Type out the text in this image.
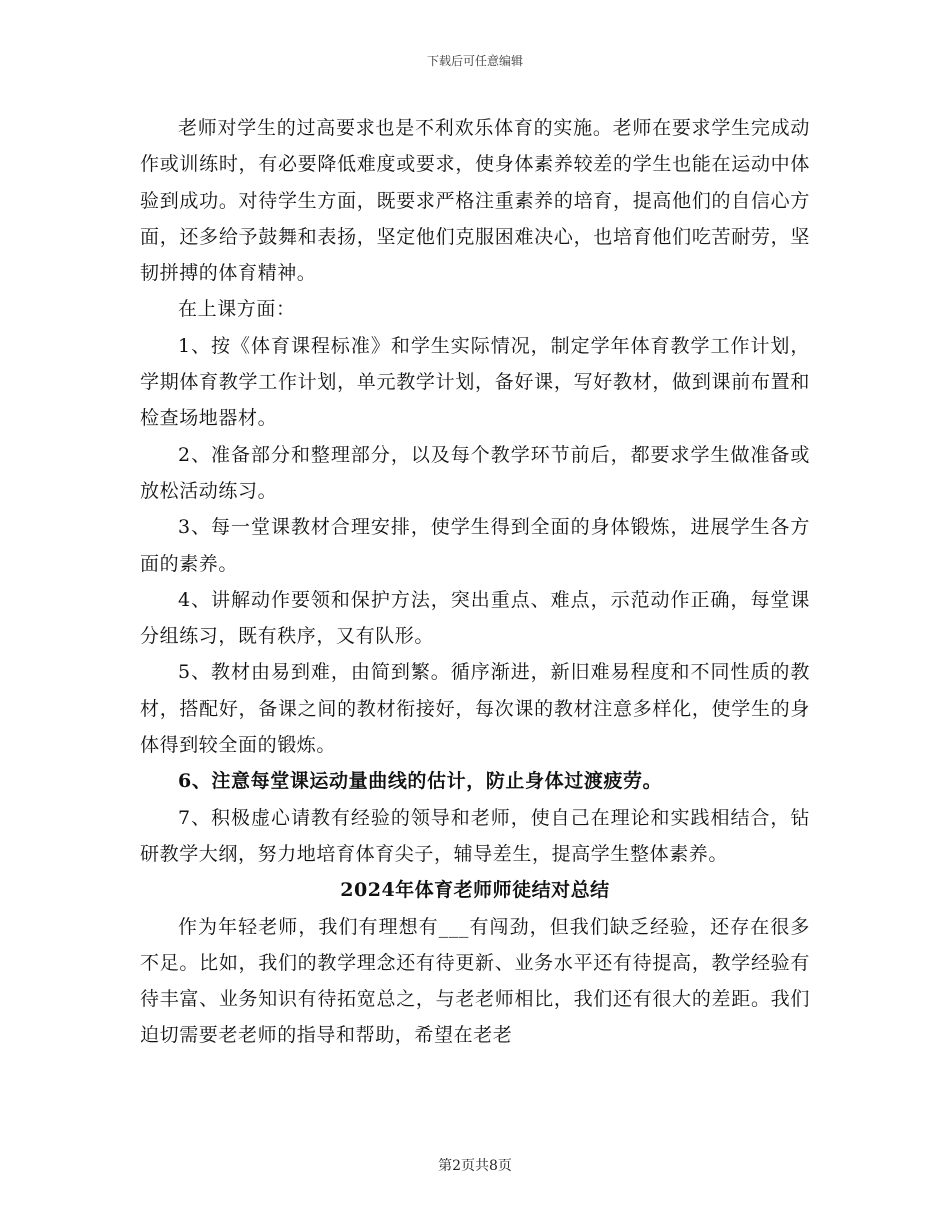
下载后可任意编辑

老师对学生的过高要求也是不利欢乐体育的实施。老师在要求学生完成动作或训练时，有必要降低难度或要求，使身体素养较差的学生也能在运动中体验到成功。对待学生方面，既要求严格注重素养的培育，提高他们的自信心方面，还多给予鼓舞和表扬，坚定他们克服困难决心，也培育他们吃苦耐劳，坚韧拼搏的体育精神。

在上课方面：

1、按《体育课程标准》和学生实际情况，制定学年体育教学工作计划，学期体育教学工作计划，单元教学计划，备好课，写好教材，做到课前布置和检查场地器材。

2、准备部分和整理部分，以及每个教学环节前后，都要求学生做准备或放松活动练习。

3、每一堂课教材合理安排，使学生得到全面的身体锻炼，进展学生各方面的素养。

4、讲解动作要领和保护方法，突出重点、难点，示范动作正确，每堂课分组练习，既有秩序，又有队形。

5、教材由易到难，由简到繁。循序渐进，新旧难易程度和不同性质的教材，搭配好，备课之间的教材衔接好，每次课的教材注意多样化，使学生的身体得到较全面的锻炼。

6、注意每堂课运动量曲线的估计，防止身体过渡疲劳。

7、积极虚心请教有经验的领导和老师，使自己在理论和实践相结合，钻研教学大纲，努力地培育体育尖子，辅导差生，提高学生整体素养。

2024年体育老师师徒结对总结

作为年轻老师，我们有理想有___有闯劲，但我们缺乏经验，还存在很多不足。比如，我们的教学理念还有待更新、业务水平还有待提高，教学经验有待丰富、业务知识有待拓宽总之，与老老师相比，我们还有很大的差距。我们迫切需要老老师的指导和帮助，希望在老老

第2页共8页
